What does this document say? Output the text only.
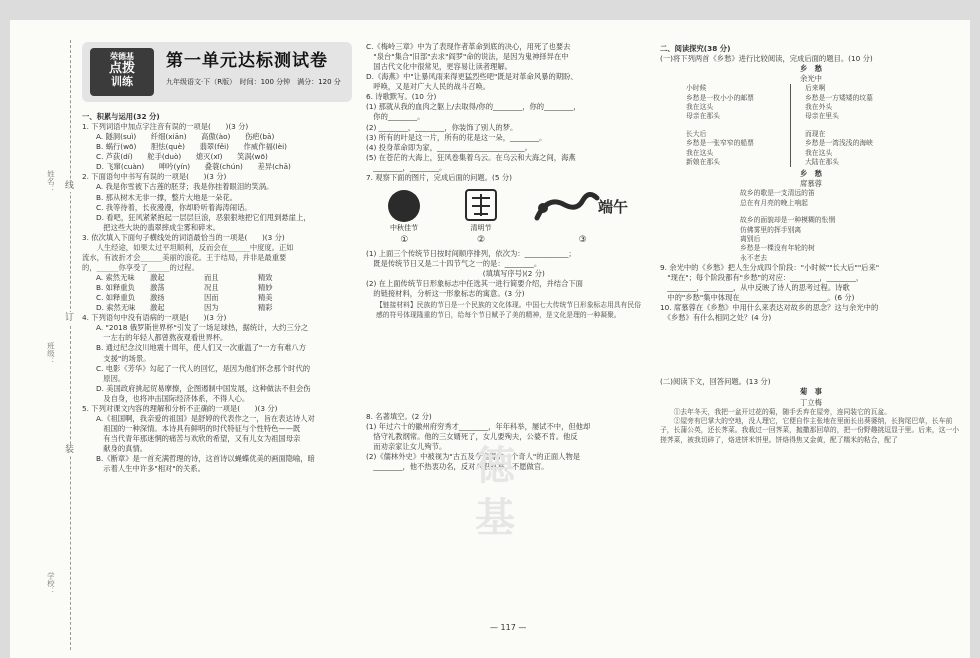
姓名：
班级：
学校：
线
订
装
荣德基
点拨
训练
第一单元达标测试卷
九年级语文·下（R版）　时间：100 分钟　满分：120 分
一、积累与运用(32 分)
1. 下列词语中加点字注音有误的一项是(　　)(3 分)
A. 隧洞(suì)　　纤细(xiān)　　高傲(ào)　　伤疤(bā)
B. 蜗行(wō)　　胆怯(què)　　翡翠(fěi)　　作威作福(lèi)
C. 芦荻(dí)　　舵手(duò)　　熄灭(xī)　　笑涡(wō)
D. 飞窜(cuàn)　　呻吟(yín)　　叠蓑(chún)　　差异(chā)
2. 下面语句中书写有误的一项是(　　)(3 分)
A. 我是你雪被下古莲的胚芽；我是你挂着眼泪的笑涡。
B. 那从树木无非一撑，整片大地是一朵花。
C. 我等待着，长夜漫漫，你却聆听着海涛闹话。
D. 看吧，狂风紧紧抱起一层层巨浪，恶狠狠地把它们甩到悬崖上，
　把这些大块的翡翠摔成尘雾和碎末。
3. 依次填入下面句子横线处的词语最恰当的一项是(　　)(3 分)
　　人生经途，如果太过平坦顺利，反而会在______中度度。正如
流水，有波折才会______美丽的浪花。王于结局，并非是最重要
的，______你享受了______的过程。
A. 索然无味	激起	而且	精致
B. 如释重负	激荡	况且	精妙
C. 如释重负	激扬	因而	精美
D. 索然无味	激起	因为	精彩
4. 下列语句中没有语病的一项是(　　)(3 分)
A. "2018 俄罗斯世界杯"引发了一场足球热，据统计，大约三分之
　一左右的年轻人都曾熬夜观看世界杯。
B. 通过纪念汶川地震十周年，使人们又一次重温了"一方有难八方
　支援"的场景。
C. 电影《芳华》勾起了一代人的回忆，是因为他们怀念那个时代的
　原因。
D. 美国政府挑起贸易摩擦，企图遏制中国发展，这种做法不但会伤
　及自身，也将冲击国际经济体系，不得人心。
5. 下列对课文内容的理解和分析不正确的一项是(　　)(3 分)
A.《祖国啊，我亲爱的祖国》是舒婷的代表作之一，旨在表达诗人对
　祖国的一种深情。本诗具有鲜明的时代特征与个性特色——既
　有当代青年那迷惘的痛苦与欢欣的希望，又有儿女为祖国母亲
　献身的真情。
B.《断章》是一首充满哲理的诗，这首诗以蝇蝶优美的画面隐喻，暗
　示着人生中许多"相对"的关系。
C.《梅岭三章》中为了表现作者革命到底的决心，用死了也要去
　"泉台"集合"旧部"去求"阎罗"命的说法，是因为鬼神择异在中
　国古代文化中很常见，更容易让读者理解。
D.《海燕》中"让暴风雨来得更猛烈些吧"既是对革命风暴的期盼、
　呼唤，又是对广大人民的战斗召唤。
6. 诗歌默写。(10 分)
(1) 那就从我的血肉之躯上/去取得/你的________，你的________，
　你的________。
(2) ________，________，你装饰了别人的梦。
(3) 所有的叶是这一片，所有的花是这一朵，________。
(4) 投身革命即为家，________________________。
(5) 在苍茫的大海上，狂风卷集着乌云。在乌云和大海之间，海燕
　________，________。
7. 观察下面的图片，完成后面的问题。(5 分)
中秋佳节
①
清明节
②
端午
③
(1) 上面三个传统节日按时间顺序排列，依次为：____________；
　既是传统节日又是二十四节气之一的是：________。
　　　　　　　　　　　　　　　　(填填写序号)(2 分)
(2) 在上面传统节日形象标志中任选其一进行简要介绍，并结合下面
　的链接材料，分析这一形象标志的寓意。(3 分)
【链接材料】民族的节日是一个民族的文化体现。中国七大传统节日形象标志用具有民俗感的符号体现隆重的节日，给每个节日赋予了美的精神，是文化是理的一种凝聚。
8. 名著填空。(2 分)
(1) 年过六十的徽州府穷秀才________，年年科举，屡试不中，但他却
　恪守礼教纲常。他的三女婿死了，女儿要殉夫，公婆不肯。他反
　而劝亲家让女儿殉节。
(2)《儒林外史》中被视为"古五及今难得的一个奇人"的正面人物是
　________，他不热衷功名，反对八股科举，不愿做官。
德基
二、阅读探究(38 分)
(一)将下列两首《乡愁》进行比较阅读，完成后面的题目。(10 分)
乡　愁
余光中
小时候
乡愁是一枚小小的邮票
我在这头
母亲在那头
长大后
乡愁是一张窄窄的船票
我在这头
新娘在那头
后来啊
乡愁是一方矮矮的坟墓
我在外头
母亲在里头
而现在
乡愁是一湾浅浅的海峡
我在这头
大陆在那头
乡　愁
席慕蓉
故乡的歌是一支清远的笛
总在有月亮的晚上响起
故乡的面貌却是一种模糊的怅惘
仿佛雾里的挥手别离
离别后
乡愁是一棵没有年轮的树
永不老去
9. 余光中的《乡愁》把人生分成四个阶段："小时候""长大后""后来"
　"现在"；每个阶段都有"乡愁"的对应：________，________，
　________，________，从中反映了诗人的思考过程。诗歌
　中的"乡愁"集中体现在________________________。(6 分)
10. 席慕蓉在《乡愁》中用什么来表达对故乡的思念？这与余光中的
　《乡愁》有什么相同之处？(4 分)
(二)阅读下文，回答问题。(13 分)
菊　事
丁立梅
　　①去年冬天，我把一盆开过花的菊，随手丢弃在屋旁，连同装它的瓦盆。
　　②屋旁有巴掌大的空地，没人理它，它便自作主张地在里面长出葵婆纳，长狗尾巴草，长车前子，长蒲公英，还长荠菜。我栽过一回荠菜，抛撒那回草的，把一份野趣挑逗显于里。后来，这一小搓荠菜，被我切碎了，烙进饼米饼里。饼烙得焦又金黄，配了糯米的粘合，配了
— 117 —
